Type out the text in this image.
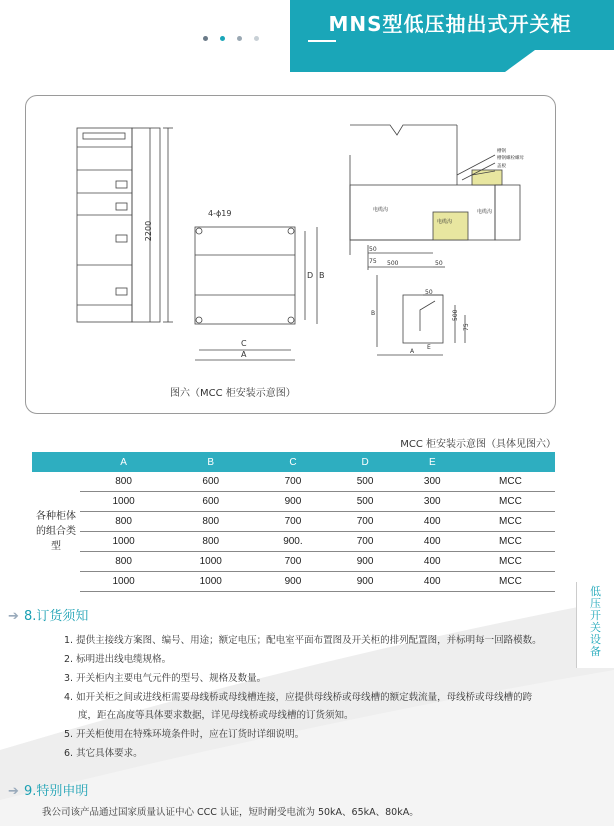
MNS型低压抽出式开关柜
2200
4-ϕ19
C
A
D B
电缆沟
电缆沟
电缆沟
槽钢
槽钢螺栓螺母
盖板
50
75 500	50
50
500
75
B
A
E
图六（MCC 柜安装示意图）
MCC 柜安装示意图（具体见图六）
	A	B	C	D	E	
各种柜体的组合类型	800	600	700	500	300	MCC
	1000	600	900	500	300	MCC
	800	800	700	700	400	MCC
	1000	800	900.	700	400	MCC
	800	1000	700	900	400	MCC
	1000	1000	900	900	400	MCC
低压开关设备
➔ 8.订货须知
1. 提供主接线方案图、编号、用途；额定电压；配电室平面布置图及开关柜的排列配置图，并标明每一回路模数。
2. 标明进出线电缆规格。
3. 开关柜内主要电气元件的型号、规格及数量。
4. 如开关柜之间或进线柜需要母线桥或母线槽连接，应提供母线桥或母线槽的额定载流量，母线桥或母线槽的跨
度，距在高度等具体要求数据，详见母线桥或母线槽的订货须知。
5. 开关柜使用在特殊环境条件时，应在订货时详细说明。
6. 其它具体要求。
➔ 9.特别申明
我公司该产品通过国家质量认证中心 CCC 认证，短时耐受电流为 50kA、65kA、80kA。
